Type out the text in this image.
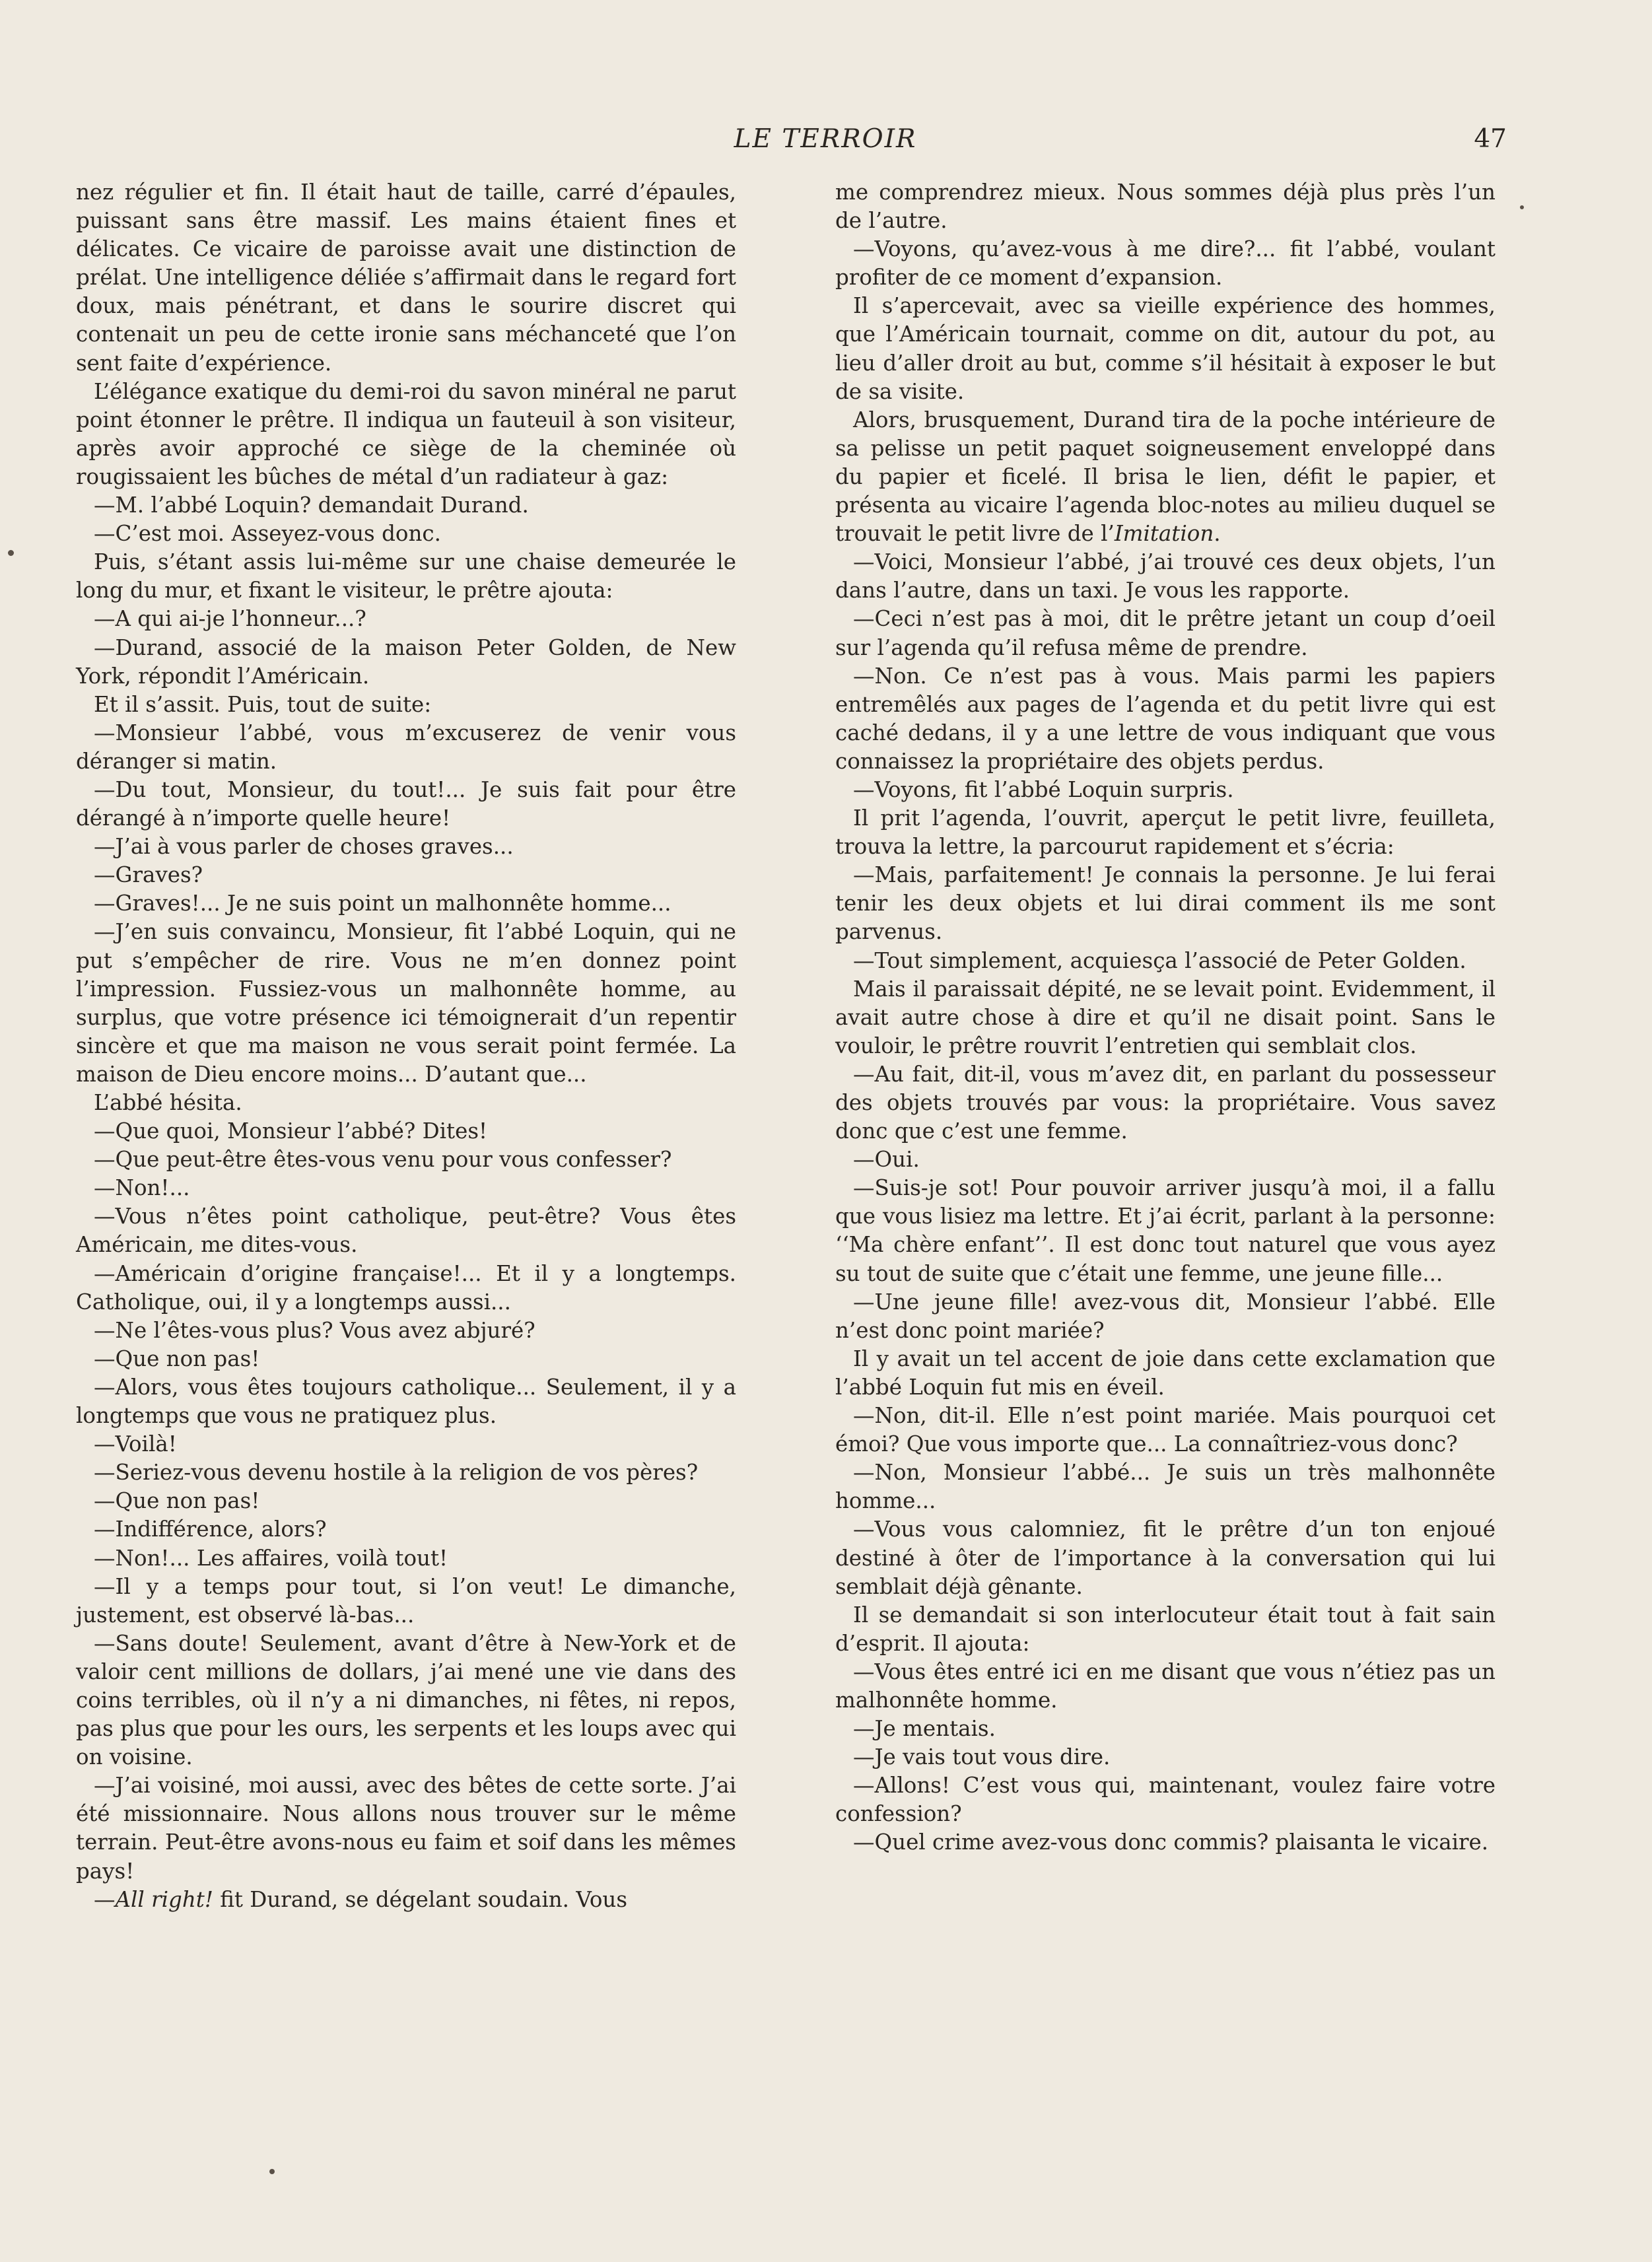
LE TERROIR	47

nez régulier et fin. Il était haut de taille, carré d’épaules, puissant sans être massif. Les mains étaient fines et délicates. Ce vicaire de paroisse avait une distinction de prélat. Une intelligence déliée s’affirmait dans le regard fort doux, mais pénétrant, et dans le sourire discret qui contenait un peu de cette ironie sans méchanceté que l’on sent faite d’expérience.

L’élégance exatique du demi-roi du savon minéral ne parut point étonner le prêtre. Il indiqua un fauteuil à son visiteur, après avoir approché ce siège de la cheminée où rougissaient les bûches de métal d’un radiateur à gaz:

—M. l’abbé Loquin? demandait Durand.

—C’est moi. Asseyez-vous donc.

Puis, s’étant assis lui-même sur une chaise demeurée le long du mur, et fixant le visiteur, le prêtre ajouta:

—A qui ai-je l’honneur...?

—Durand, associé de la maison Peter Golden, de New York, répondit l’Américain.

Et il s’assit. Puis, tout de suite:

—Monsieur l’abbé, vous m’excuserez de venir vous déranger si matin.

—Du tout, Monsieur, du tout!... Je suis fait pour être dérangé à n’importe quelle heure!

—J’ai à vous parler de choses graves...

—Graves?

—Graves!... Je ne suis point un malhonnête homme...

—J’en suis convaincu, Monsieur, fit l’abbé Loquin, qui ne put s’empêcher de rire. Vous ne m’en donnez point l’impression. Fussiez-vous un malhonnête homme, au surplus, que votre présence ici témoignerait d’un repentir sincère et que ma maison ne vous serait point fermée. La maison de Dieu encore moins... D’autant que...

L’abbé hésita.

—Que quoi, Monsieur l’abbé? Dites!

—Que peut-être êtes-vous venu pour vous confesser?

—Non!...

—Vous n’êtes point catholique, peut-être? Vous êtes Américain, me dites-vous.

—Américain d’origine française!... Et il y a longtemps. Catholique, oui, il y a longtemps aussi...

—Ne l’êtes-vous plus? Vous avez abjuré?

—Que non pas!

—Alors, vous êtes toujours catholique... Seulement, il y a longtemps que vous ne pratiquez plus.

—Voilà!

—Seriez-vous devenu hostile à la religion de vos pères?

—Que non pas!

—Indifférence, alors?

—Non!... Les affaires, voilà tout!

—Il y a temps pour tout, si l’on veut! Le dimanche, justement, est observé là-bas...

—Sans doute! Seulement, avant d’être à New-York et de valoir cent millions de dollars, j’ai mené une vie dans des coins terribles, où il n’y a ni dimanches, ni fêtes, ni repos, pas plus que pour les ours, les serpents et les loups avec qui on voisine.

—J’ai voisiné, moi aussi, avec des bêtes de cette sorte. J’ai été missionnaire. Nous allons nous trouver sur le même terrain. Peut-être avons-nous eu faim et soif dans les mêmes pays!

—All right! fit Durand, se dégelant soudain. Vous

me comprendrez mieux. Nous sommes déjà plus près l’un de l’autre.

—Voyons, qu’avez-vous à me dire?... fit l’abbé, voulant profiter de ce moment d’expansion.

Il s’apercevait, avec sa vieille expérience des hommes, que l’Américain tournait, comme on dit, autour du pot, au lieu d’aller droit au but, comme s’il hésitait à exposer le but de sa visite.

Alors, brusquement, Durand tira de la poche intérieure de sa pelisse un petit paquet soigneusement enveloppé dans du papier et ficelé. Il brisa le lien, défit le papier, et présenta au vicaire l’agenda bloc-notes au milieu duquel se trouvait le petit livre de l’Imitation.

—Voici, Monsieur l’abbé, j’ai trouvé ces deux objets, l’un dans l’autre, dans un taxi. Je vous les rapporte.

—Ceci n’est pas à moi, dit le prêtre jetant un coup d’oeil sur l’agenda qu’il refusa même de prendre.

—Non. Ce n’est pas à vous. Mais parmi les papiers entremêlés aux pages de l’agenda et du petit livre qui est caché dedans, il y a une lettre de vous indiquant que vous connaissez la propriétaire des objets perdus.

—Voyons, fit l’abbé Loquin surpris.

Il prit l’agenda, l’ouvrit, aperçut le petit livre, feuilleta, trouva la lettre, la parcourut rapidement et s’écria:

—Mais, parfaitement! Je connais la personne. Je lui ferai tenir les deux objets et lui dirai comment ils me sont parvenus.

—Tout simplement, acquiesça l’associé de Peter Golden.

Mais il paraissait dépité, ne se levait point. Evidemment, il avait autre chose à dire et qu’il ne disait point. Sans le vouloir, le prêtre rouvrit l’entretien qui semblait clos.

—Au fait, dit-il, vous m’avez dit, en parlant du possesseur des objets trouvés par vous: la propriétaire. Vous savez donc que c’est une femme.

—Oui.

—Suis-je sot! Pour pouvoir arriver jusqu’à moi, il a fallu que vous lisiez ma lettre. Et j’ai écrit, parlant à la personne: ‘‘Ma chère enfant’’. Il est donc tout naturel que vous ayez su tout de suite que c’était une femme, une jeune fille...

—Une jeune fille! avez-vous dit, Monsieur l’abbé. Elle n’est donc point mariée?

Il y avait un tel accent de joie dans cette exclamation que l’abbé Loquin fut mis en éveil.

—Non, dit-il. Elle n’est point mariée. Mais pourquoi cet émoi? Que vous importe que... La connaîtriez-vous donc?

—Non, Monsieur l’abbé... Je suis un très malhonnête homme...

—Vous vous calomniez, fit le prêtre d’un ton enjoué destiné à ôter de l’importance à la conversation qui lui semblait déjà gênante.

Il se demandait si son interlocuteur était tout à fait sain d’esprit. Il ajouta:

—Vous êtes entré ici en me disant que vous n’étiez pas un malhonnête homme.

—Je mentais.

—Je vais tout vous dire.

—Allons! C’est vous qui, maintenant, voulez faire votre confession?

—Quel crime avez-vous donc commis? plaisanta le vicaire.
